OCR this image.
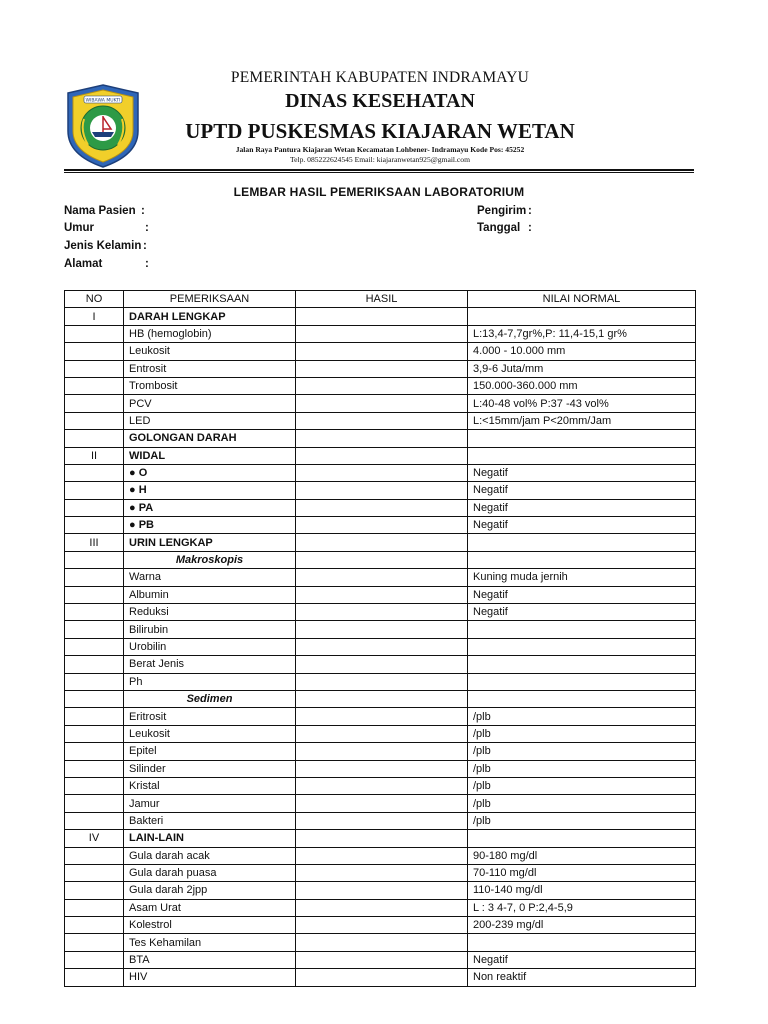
WIBAWA MUKTI
PEMERINTAH KABUPATEN INDRAMAYU
DINAS KESEHATAN
UPTD PUSKESMAS KIAJARAN WETAN
Jalan Raya Pantura Kiajaran Wetan Kecamatan Lohbener- Indramayu Kode Pos: 45252
Telp. 085222624545 Email: kiajaranwetan925@gmail.com
LEMBAR HASIL PEMERIKSAAN LABORATORIUM
Nama Pasien :
Umur	:
Jenis Kelamin :
Alamat	:
Pengirim :
Tanggal :
NO	PEMERIKSAAN	HASIL	NILAI NORMAL
I	DARAH LENGKAP		
	HB (hemoglobin)		L:13,4-7,7gr%,P: 11,4-15,1 gr%
	Leukosit		4.000 - 10.000 mm
	Entrosit		3,9-6 Juta/mm
	Trombosit		150.000-360.000 mm
	PCV		L:40-48 vol% P:37 -43 vol%
	LED		L:<15mm/jam P<20mm/Jam
	GOLONGAN DARAH		
II	WIDAL		
	● O		Negatif
	● H		Negatif
	● PA		Negatif
	● PB		Negatif
III	URIN LENGKAP		
	Makroskopis		
	Warna		Kuning muda jernih
	Albumin		Negatif
	Reduksi		Negatif
	Bilirubin		
	Urobilin		
	Berat Jenis		
	Ph		
	Sedimen		
	Eritrosit		/plb
	Leukosit		/plb
	Epitel		/plb
	Silinder		/plb
	Kristal		/plb
	Jamur		/plb
	Bakteri		/plb
IV	LAIN-LAIN		
	Gula darah acak		90-180 mg/dl
	Gula darah puasa		70-110 mg/dl
	Gula darah 2jpp		110-140 mg/dl
	Asam Urat		L : 3 4-7, 0 P:2,4-5,9
	Kolestrol		200-239 mg/dl
	Tes Kehamilan		
	BTA		Negatif
	HIV		Non reaktif
